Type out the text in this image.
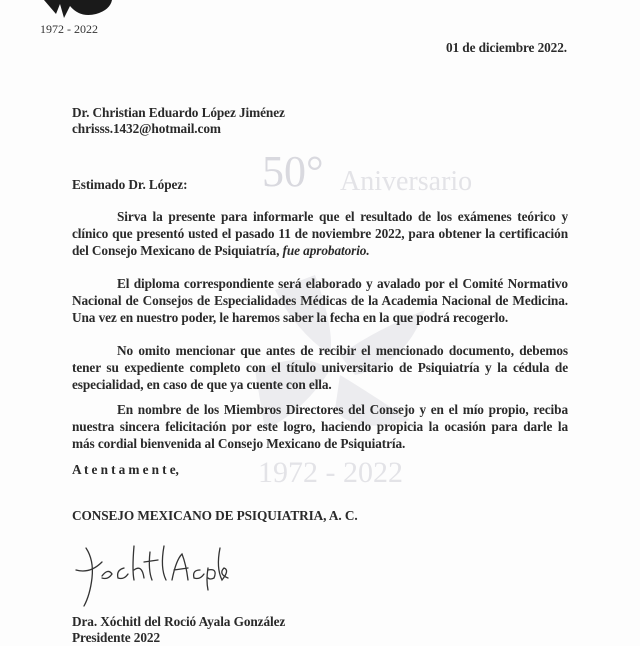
1972 - 2022
50° Aniversario
1972 - 2022
01 de diciembre 2022.
Dr. Christian Eduardo López Jiménez
chrisss.1432@hotmail.com
Estimado Dr. López:
Sirva la presente para informarle que el resultado de los exámenes teórico y
clínico que presentó usted el pasado 11 de noviembre 2022, para obtener la certificación
del Consejo Mexicano de Psiquiatría, fue aprobatorio.
El diploma correspondiente será elaborado y avalado por el Comité Normativo
Nacional de Consejos de Especialidades Médicas de la Academia Nacional de Medicina.
Una vez en nuestro poder, le haremos saber la fecha en la que podrá recogerlo.
No omito mencionar que antes de recibir el mencionado documento, debemos
tener su expediente completo con el título universitario de Psiquiatría y la cédula de
especialidad, en caso de que ya cuente con ella.
En nombre de los Miembros Directores del Consejo y en el mío propio, reciba
nuestra sincera felicitación por este logro, haciendo propicia la ocasión para darle la
más cordial bienvenida al Consejo Mexicano de Psiquiatría.
A t e n t a m e n t e,
CONSEJO MEXICANO DE PSIQUIATRIA, A. C.
Dra. Xóchitl del Roció Ayala González
Presidente 2022
